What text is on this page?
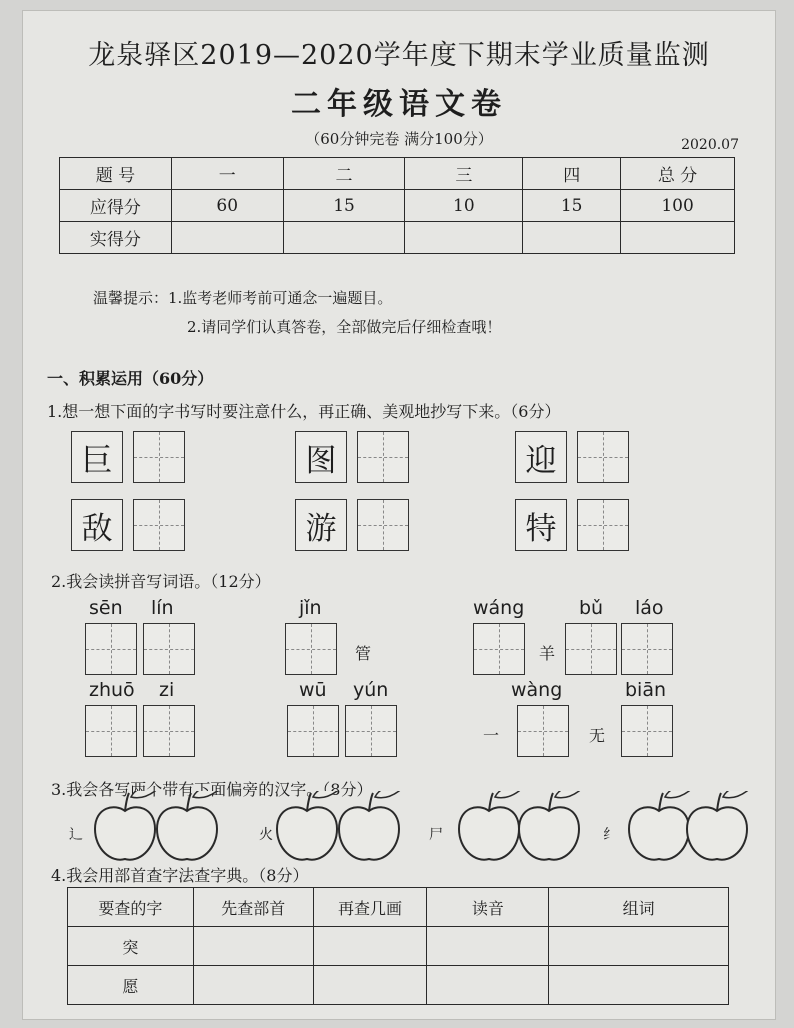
龙泉驿区2019—2020学年度下期末学业质量监测
二年级语文卷
（60分钟完卷 满分100分）	2020.07
题 号	一	二	三	四	总 分
应得分	60	15	10	15	100
实得分					
温馨提示：1.监考老师考前可通念一遍题目。
2.请同学们认真答卷，全部做完后仔细检查哦！
一、积累运用（60分）
1.想一想下面的字书写时要注意什么，再正确、美观地抄写下来。（6分）
巨	图	迎
敌	游	特
2.我会读拼音写词语。（12分）
sēn lín	jǐn	wáng	bǔ láo
管	羊
zhuō zi	wū yún	wàng	biān
一	无
3.我会各写两个带有下面偏旁的汉字。（8分）
辶	火	尸	纟
4.我会用部首查字法查字典。（8分）
要查的字	先查部首	再查几画	读音	组词
突				
愿				
